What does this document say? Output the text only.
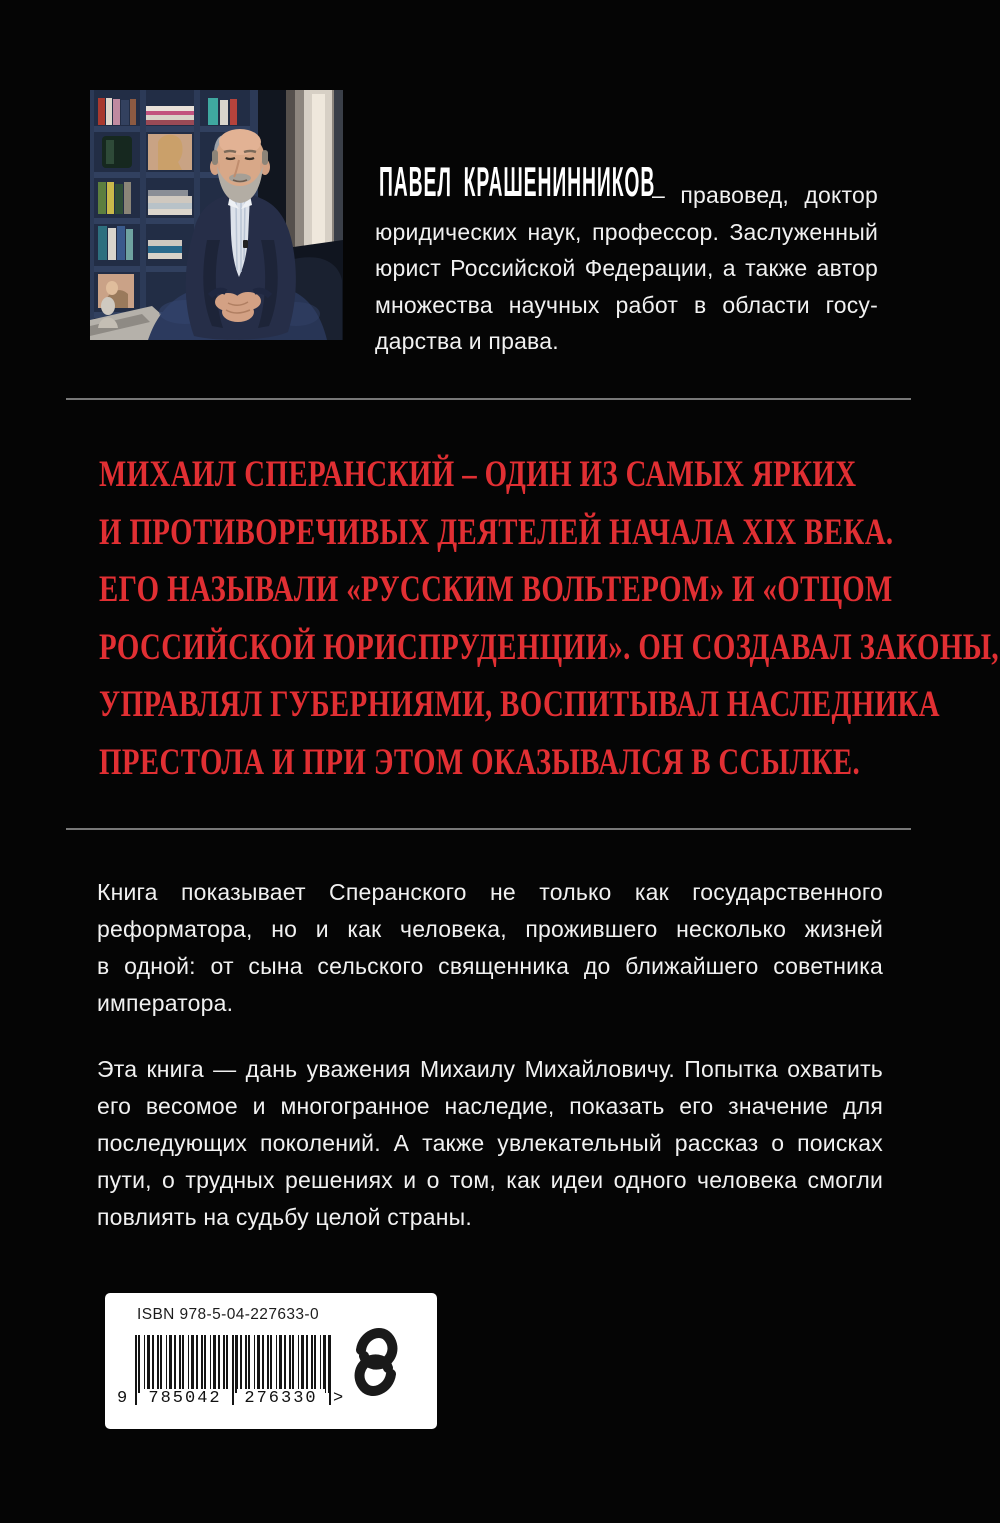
ПАВЕЛ КРАШЕНИННИКОВ
– правовед, доктор
юридических наук, профессор. Заслуженный
юрист Российской Федерации, а также автор
множества научных работ в области госу-
дарства и права.
МИХАИЛ СПЕРАНСКИЙ – ОДИН ИЗ САМЫХ ЯРКИХ
И ПРОТИВОРЕЧИВЫХ ДЕЯТЕЛЕЙ НАЧАЛА XIX ВЕКА.
ЕГО НАЗЫВАЛИ «РУССКИМ ВОЛЬТЕРОМ» И «ОТЦОМ
РОССИЙСКОЙ ЮРИСПРУДЕНЦИИ». ОН СОЗДАВАЛ ЗАКОНЫ,
УПРАВЛЯЛ ГУБЕРНИЯМИ, ВОСПИТЫВАЛ НАСЛЕДНИКА
ПРЕСТОЛА И ПРИ ЭТОМ ОКАЗЫВАЛСЯ В ССЫЛКЕ.
Книга показывает Сперанского не только как государственного
реформатора, но и как человека, прожившего несколько жизней
в одной: от сына сельского священника до ближайшего советника
императора.
Эта книга — дань уважения Михаилу Михайловичу. Попытка охватить
его весомое и многогранное наследие, показать его значение для
последующих поколений. А также увлекательный рассказ о поисках
пути, о трудных решениях и о том, как идеи одного человека смогли
повлиять на судьбу целой страны.
ISBN 978-5-04-227633-0
9	785042	276330 >
